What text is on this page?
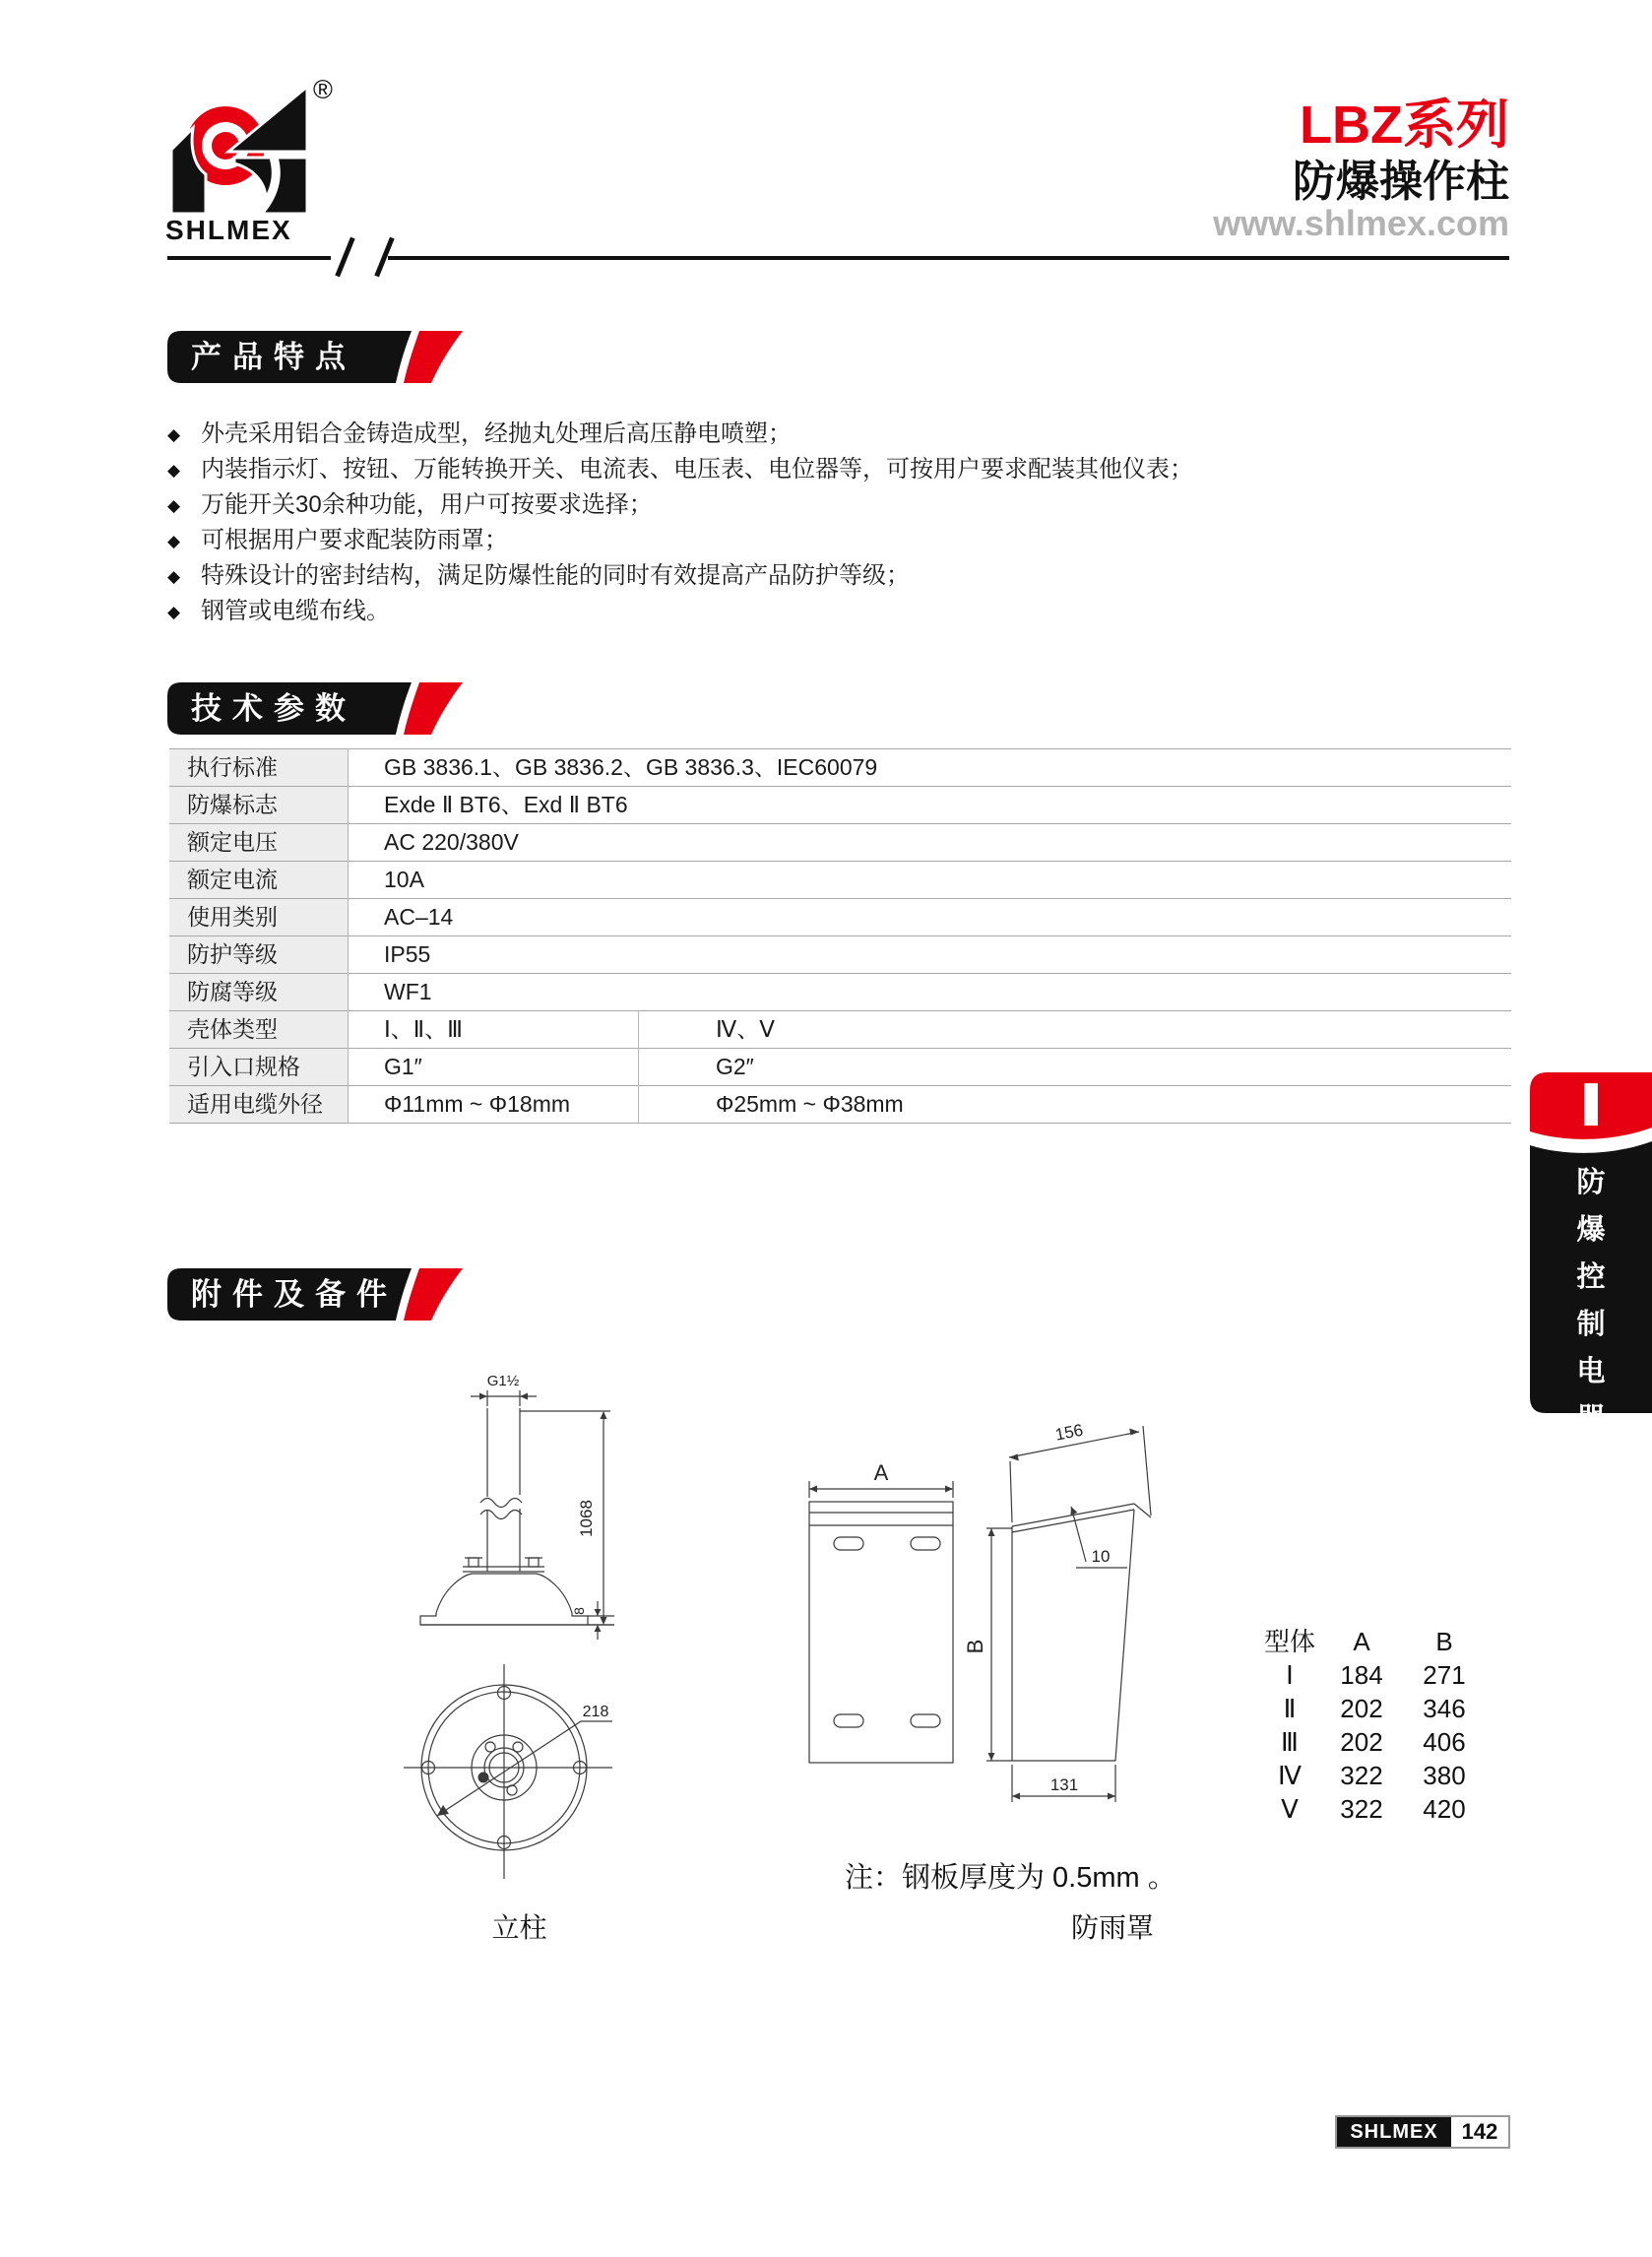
SHLMEX
®
LBZ系列
防爆操作柱
www.shlmex.com
产品特点
◆ 外壳采用铝合金铸造成型，经抛丸处理后高压静电喷塑；
◆ 内装指示灯、按钮、万能转换开关、电流表、电压表、电位器等，可按用户要求配装其他仪表；
◆ 万能开关30余种功能，用户可按要求选择；
◆ 可根据用户要求配装防雨罩；
◆ 特殊设计的密封结构，满足防爆性能的同时有效提高产品防护等级；
◆ 钢管或电缆布线。
技术参数
执行标准	GB 3836.1、GB 3836.2、GB 3836.3、IEC60079
防爆标志	Exde Ⅱ BT6、Exd Ⅱ BT6
额定电压	AC 220/380V
额定电流	10A
使用类别	AC–14
防护等级	IP55
防腐等级	WF1
壳体类型	Ⅰ、Ⅱ、Ⅲ	Ⅳ、Ⅴ
引入口规格	G1″	G2″
适用电缆外径	Φ11mm ~ Φ18mm	Φ25mm ~ Φ38mm
附件及备件
G1½
1068
8
218
立柱
A
156
10
B
131
注：钢板厚度为 0.5mm 。
防雨罩
型体	A	B
Ⅰ	184	271
Ⅱ	202	346
Ⅲ	202	406
Ⅳ	322	380
Ⅴ	322	420
I
防
爆
控
制
电
器
类
SHLMEX	142
